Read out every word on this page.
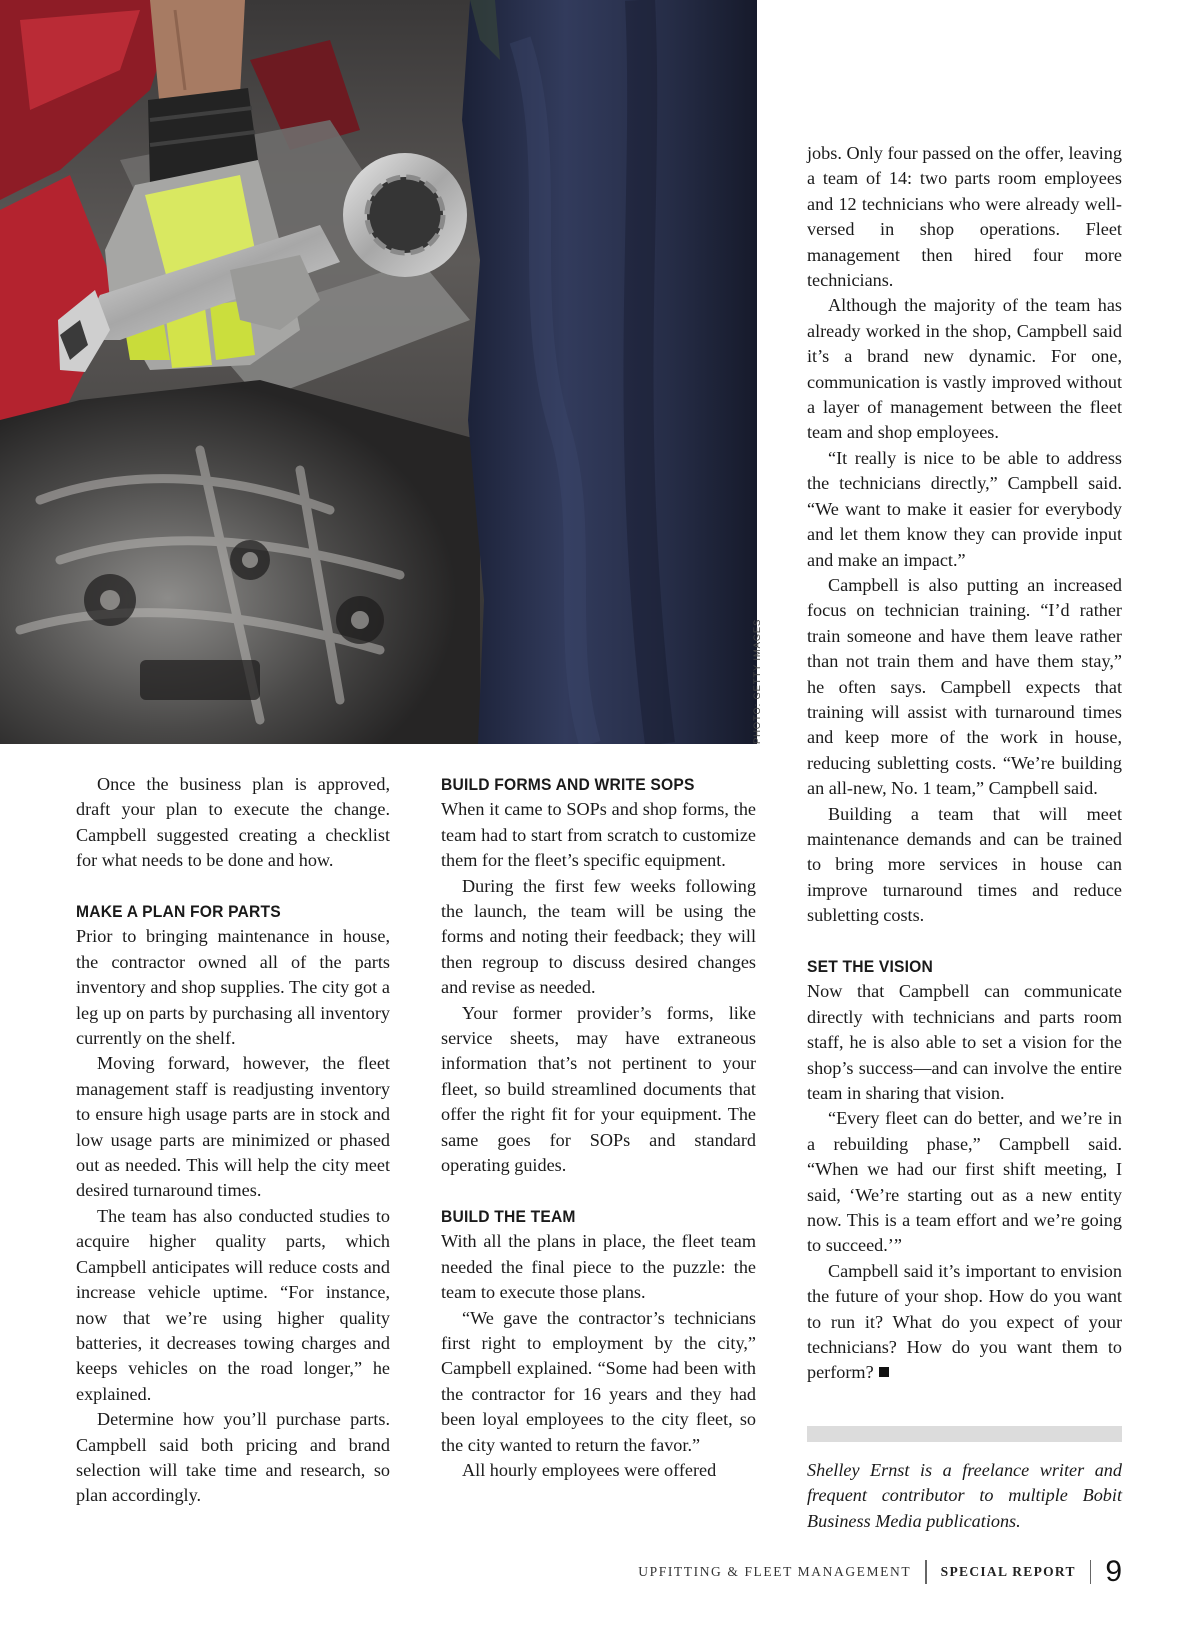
PHOTO: GETTY IMAGES

Once the business plan is approved, draft your plan to execute the change. Campbell suggested creating a checklist for what needs to be done and how.

MAKE A PLAN FOR PARTS

Prior to bringing maintenance in house, the contractor owned all of the parts inventory and shop supplies. The city got a leg up on parts by purchasing all inventory currently on the shelf.

Moving forward, however, the fleet management staff is readjusting inventory to ensure high usage parts are in stock and low usage parts are minimized or phased out as needed. This will help the city meet desired turnaround times.

The team has also conducted studies to acquire higher quality parts, which Campbell anticipates will reduce costs and increase vehicle uptime. “For instance, now that we’re using higher quality batteries, it decreases towing charges and keeps vehicles on the road longer,” he explained.

Determine how you’ll purchase parts. Campbell said both pricing and brand selection will take time and research, so plan accordingly.

BUILD FORMS AND WRITE SOPS

When it came to SOPs and shop forms, the team had to start from scratch to customize them for the fleet’s specific equipment.

During the first few weeks following the launch, the team will be using the forms and noting their feedback; they will then regroup to discuss desired changes and revise as needed.

Your former provider’s forms, like service sheets, may have extraneous information that’s not pertinent to your fleet, so build streamlined documents that offer the right fit for your equipment. The same goes for SOPs and standard operating guides.

BUILD THE TEAM

With all the plans in place, the fleet team needed the final piece to the puzzle: the team to execute those plans.

“We gave the contractor’s technicians first right to employment by the city,” Campbell explained. “Some had been with the contractor for 16 years and they had been loyal employees to the city fleet, so the city wanted to return the favor.”

All hourly employees were offered

jobs. Only four passed on the offer, leaving a team of 14: two parts room employees and 12 technicians who were already well-versed in shop operations. Fleet management then hired four more technicians.

Although the majority of the team has already worked in the shop, Campbell said it’s a brand new dynamic. For one, communication is vastly improved without a layer of management between the fleet team and shop employees.

“It really is nice to be able to address the technicians directly,” Campbell said. “We want to make it easier for everybody and let them know they can provide input and make an impact.”

Campbell is also putting an increased focus on technician training. “I’d rather train someone and have them leave rather than not train them and have them stay,” he often says. Campbell expects that training will assist with turnaround times and keep more of the work in house, reducing subletting costs. “We’re building an all-new, No. 1 team,” Campbell said.

Building a team that will meet maintenance demands and can be trained to bring more services in house can improve turnaround times and reduce subletting costs.

SET THE VISION

Now that Campbell can communicate directly with technicians and parts room staff, he is also able to set a vision for the shop’s success—and can involve the entire team in sharing that vision.

“Every fleet can do better, and we’re in a rebuilding phase,” Campbell said. “When we had our first shift meeting, I said, ‘We’re starting out as a new entity now. This is a team effort and we’re going to succeed.’”

Campbell said it’s important to envision the future of your shop. How do you want to run it? What do you expect of your technicians? How do you want them to perform?

Shelley Ernst is a freelance writer and frequent contributor to multiple Bobit Business Media publications.
UPFITTING & FLEET MANAGEMENT SPECIAL REPORT 9
